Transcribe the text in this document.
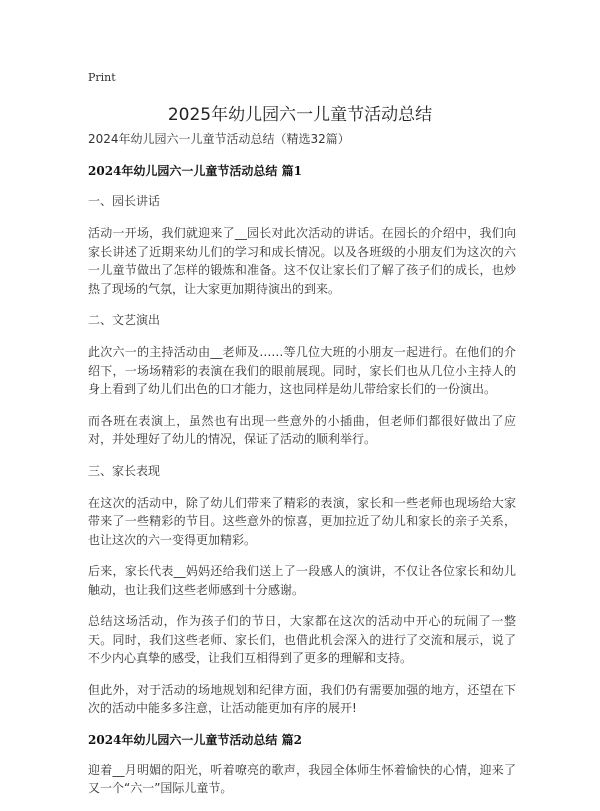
Print
2025年幼儿园六一儿童节活动总结

2024年幼儿园六一儿童节活动总结（精选32篇）

2024年幼儿园六一儿童节活动总结 篇1

一、园长讲话

活动一开场，我们就迎来了__园长对此次活动的讲话。在园长的介绍中，我们向家长讲述了近期来幼儿们的学习和成长情况。以及各班级的小朋友们为这次的六一儿童节做出了怎样的锻炼和准备。这不仅让家长们了解了孩子们的成长，也炒热了现场的气氛，让大家更加期待演出的到来。

二、文艺演出

此次六一的主持活动由__老师及……等几位大班的小朋友一起进行。在他们的介绍下，一场场精彩的表演在我们的眼前展现。同时，家长们也从几位小主持人的身上看到了幼儿们出色的口才能力，这也同样是幼儿带给家长们的一份演出。

而各班在表演上，虽然也有出现一些意外的小插曲，但老师们都很好做出了应对，并处理好了幼儿的情况，保证了活动的顺利举行。

三、家长表现

在这次的活动中，除了幼儿们带来了精彩的表演，家长和一些老师也现场给大家带来了一些精彩的节目。这些意外的惊喜，更加拉近了幼儿和家长的亲子关系，也让这次的六一变得更加精彩。

后来，家长代表__妈妈还给我们送上了一段感人的演讲，不仅让各位家长和幼儿触动，也让我们这些老师感到十分感谢。

总结这场活动，作为孩子们的节日，大家都在这次的活动中开心的玩闹了一整天。同时，我们这些老师、家长们，也借此机会深入的进行了交流和展示，说了不少内心真挚的感受，让我们互相得到了更多的理解和支持。

但此外，对于活动的场地规划和纪律方面，我们仍有需要加强的地方，还望在下次的活动中能多多注意，让活动能更加有序的展开!

2024年幼儿园六一儿童节活动总结 篇2

迎着__月明媚的阳光，听着嘹亮的歌声，我园全体师生怀着愉快的心情，迎来了又一个“六一”国际儿童节。
